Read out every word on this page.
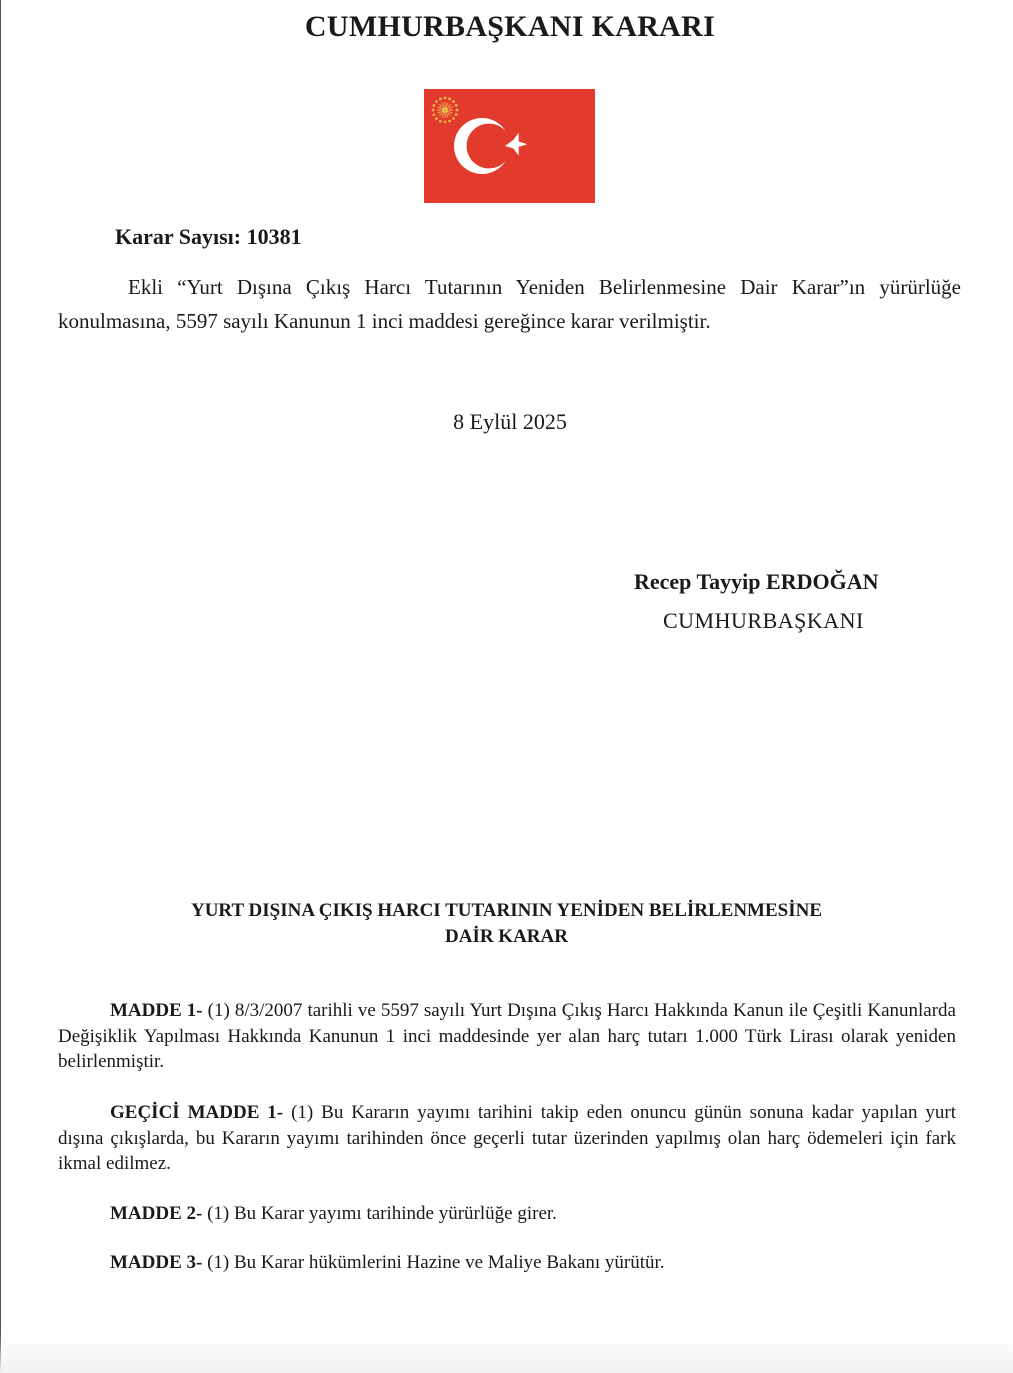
CUMHURBAŞKANI KARARI
Karar Sayısı: 10381
Ekli “Yurt Dışına Çıkış Harcı Tutarının Yeniden Belirlenmesine Dair Karar”ın yürürlüğe konulmasına, 5597 sayılı Kanunun 1 inci maddesi gereğince karar verilmiştir.
8 Eylül 2025
Recep Tayyip ERDOĞAN
CUMHURBAŞKANI
YURT DIŞINA ÇIKIŞ HARCI TUTARININ YENİDEN BELİRLENMESİNE
DAİR KARAR
MADDE 1- (1) 8/3/2007 tarihli ve 5597 sayılı Yurt Dışına Çıkış Harcı Hakkında Kanun ile Çeşitli Kanunlarda Değişiklik Yapılması Hakkında Kanunun 1 inci maddesinde yer alan harç tutarı 1.000 Türk Lirası olarak yeniden belirlenmiştir.
GEÇİCİ MADDE 1- (1) Bu Kararın yayımı tarihini takip eden onuncu günün sonuna kadar yapılan yurt dışına çıkışlarda, bu Kararın yayımı tarihinden önce geçerli tutar üzerinden yapılmış olan harç ödemeleri için fark ikmal edilmez.
MADDE 2- (1) Bu Karar yayımı tarihinde yürürlüğe girer.
MADDE 3- (1) Bu Karar hükümlerini Hazine ve Maliye Bakanı yürütür.
